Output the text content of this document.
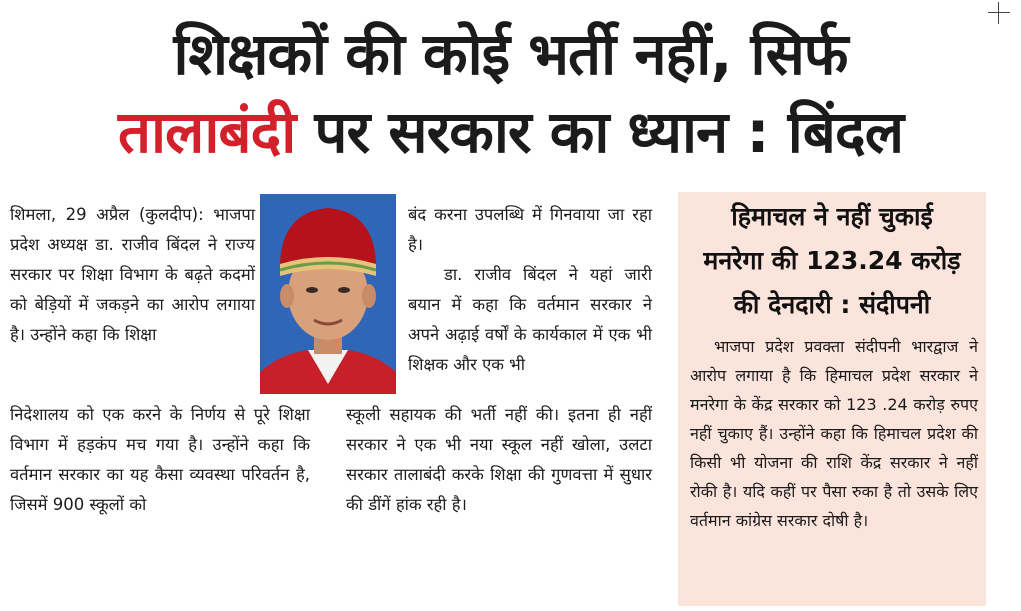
शिक्षकों की कोई भर्ती नहीं, सिर्फ
तालाबंदी पर सरकार का ध्यान : बिंदल

शिमला, 29 अप्रैल (कुलदीप): भाजपा प्रदेश अध्यक्ष डा. राजीव बिंदल ने राज्य सरकार पर शिक्षा विभाग के बढ़ते कदमों को बेड़ियों में जकड़ने का आरोप लगाया है। उन्होंने कहा कि शिक्षा

निदेशालय को एक करने के निर्णय से पूरे शिक्षा विभाग में हड़कंप मच गया है। उन्होंने कहा कि वर्तमान सरकार का यह कैसा व्यवस्था परिवर्तन है, जिसमें 900 स्कूलों को

बंद करना उपलब्धि में गिनवाया जा रहा है।

डा. राजीव बिंदल ने यहां जारी बयान में कहा कि वर्तमान सरकार ने अपने अढ़ाई वर्षों के कार्यकाल में एक भी शिक्षक और एक भी

स्कूली सहायक की भर्ती नहीं की। इतना ही नहीं सरकार ने एक भी नया स्कूल नहीं खोला, उलटा सरकार तालाबंदी करके शिक्षा की गुणवत्ता में सुधार की डींगें हांक रही है।

हिमाचल ने नहीं चुकाई
मनरेगा की 123.24 करोड़
की देनदारी : संदीपनी

भाजपा प्रदेश प्रवक्ता संदीपनी भारद्वाज ने आरोप लगाया है कि हिमाचल प्रदेश सरकार ने मनरेगा के केंद्र सरकार को 123 .24 करोड़ रुपए नहीं चुकाए हैं। उन्होंने कहा कि हिमाचल प्रदेश की किसी भी योजना की राशि केंद्र सरकार ने नहीं रोकी है। यदि कहीं पर पैसा रुका है तो उसके लिए वर्तमान कांग्रेस सरकार दोषी है।
